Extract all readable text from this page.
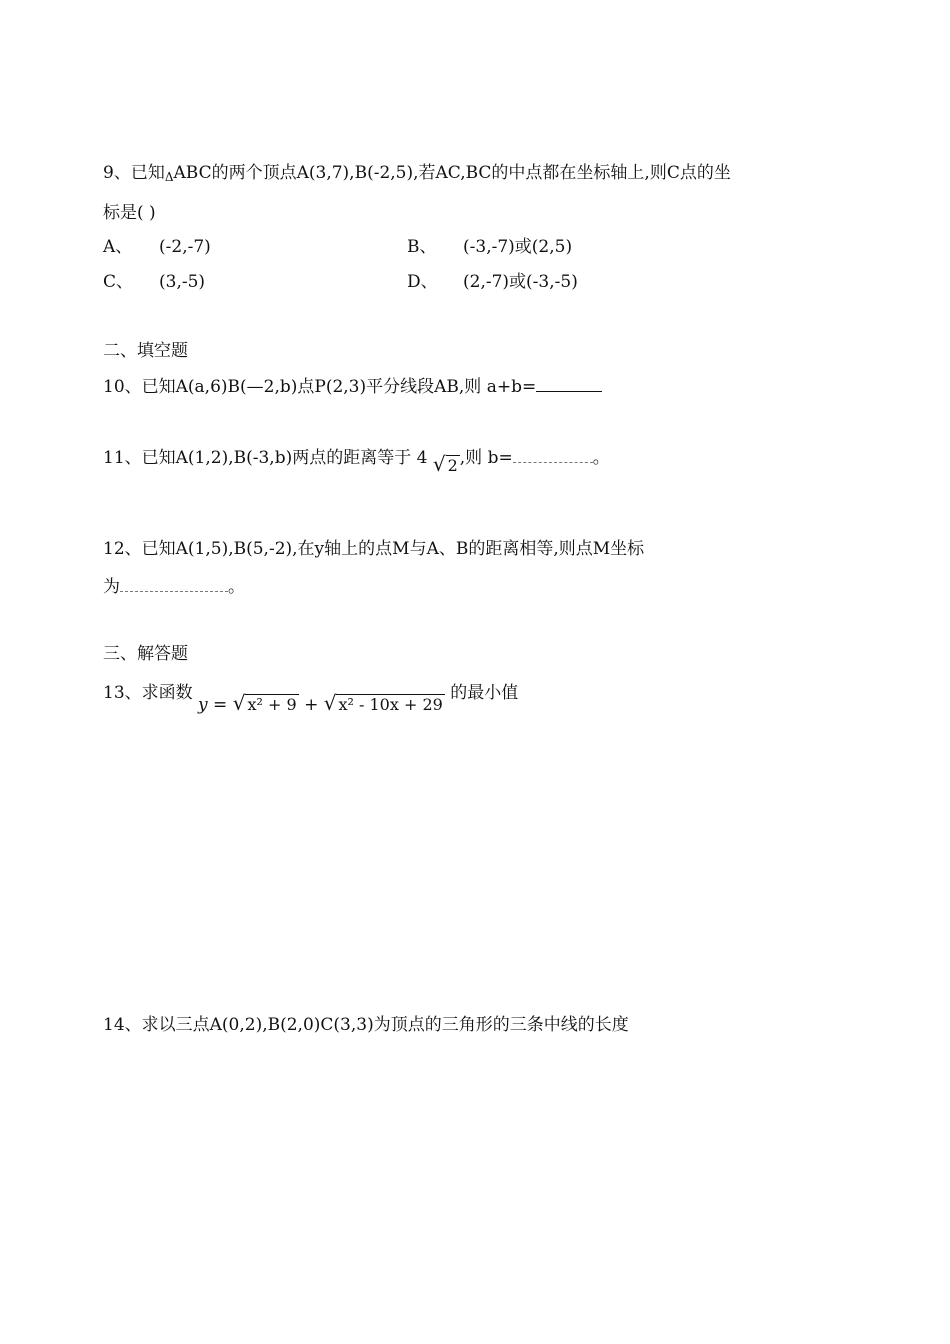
9、已知ΔABC的两个顶点A(3,7),B(-2,5),若AC,BC的中点都在坐标轴上,则C点的坐
标是( )
A、 (-2,-7)	B、 (-3,-7)或(2,5)
C、 (3,-5)	D、 (2,-7)或(-3,-5)
二、填空题
10、已知A(a,6)B(—2,b)点P(2,3)平分线段AB,则 a+b=
11、已知A(1,2),B(-3,b)两点的距离等于 4 √ 2 ,则 b=	。
12、已知A(1,5),B(5,-2),在y轴上的点M与A、B的距离相等,则点M坐标
为	。
三、解答题
13、求函数 y = √ x² + 9 + √ x² - 10x + 29 的最小值
14、求以三点A(0,2),B(2,0)C(3,3)为顶点的三角形的三条中线的长度
